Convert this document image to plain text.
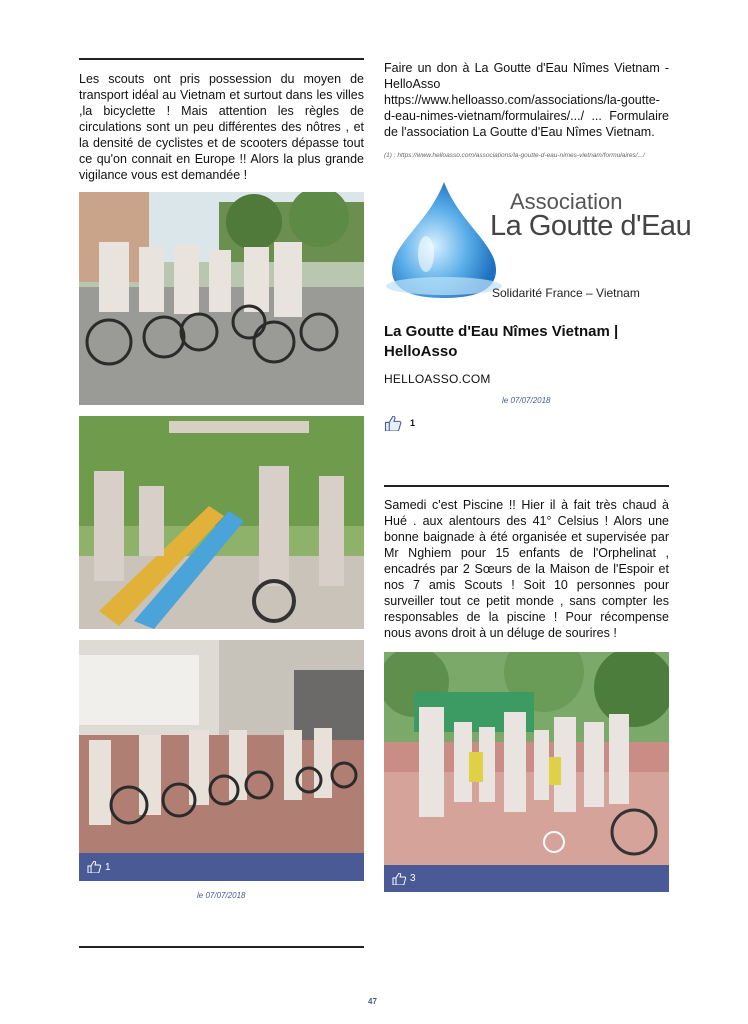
Les scouts ont pris possession du moyen de transport idéal au Vietnam et surtout dans les villes ,la bicyclette ! Mais attention les règles de circulations sont un peu différentes des nôtres , et la densité de cyclistes et de scooters dépasse tout ce qu'on connait en Europe !! Alors la plus grande vigilance vous est demandée !

1
le 07/07/2018

Faire un don à La Goutte d'Eau Nîmes Vietnam - HelloAsso https://www.helloasso.com/associations/la-goutte-d-eau-nimes-vietnam/formulaires/.../ ... Formulaire de l'association La Goutte d'Eau Nîmes Vietnam.

(1) : https://www.helloasso.com/associations/la-goutte-d-eau-nimes-vietnam/formulaires/.../
Association
La Goutte d'Eau
Solidarité France – Vietnam
La Goutte d'Eau Nîmes Vietnam | HelloAsso
HELLOASSO.COM
le 07/07/2018
1

Samedi c'est Piscine !! Hier il à fait très chaud à Hué . aux alentours des 41° Celsius ! Alors une bonne baignade à été organisée et supervisée par Mr Nghiem pour 15 enfants de l'Orphelinat , encadrés par 2 Sœurs de la Maison de l'Espoir et nos 7 amis Scouts ! Soit 10 personnes pour surveiller tout ce petit monde , sans compter les responsables de la piscine ! Pour récompense nous avons droit à un déluge de sourires !

3
47
